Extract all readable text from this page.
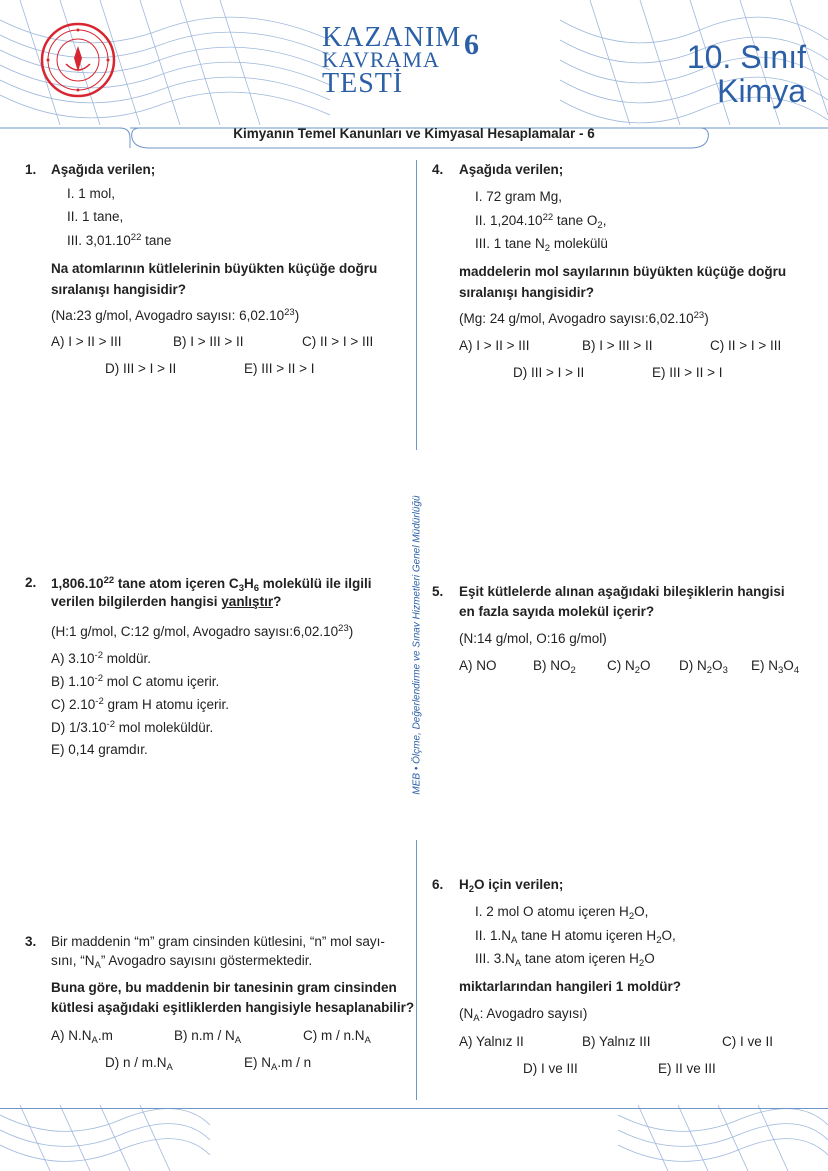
KAZANIM
KAVRAMA
TESTİ
6	10. Sınıf
Kimya
Kimyanın Temel Kanunları ve Kimyasal Hesaplamalar - 6
MEB • Ölçme, Değerlendirme ve Sınav Hizmetleri Genel Müdürlüğü
1. Aşağıda verilen;
I. 1 mol,
II. 1 tane,
III. 3,01.10$^{22}$ tane
Na atomlarının kütlelerinin büyükten küçüğe doğru
sıralanışı hangisidir?
(Na:23 g/mol, Avogadro sayısı: 6,02.10$^{23}$)
A) I > II > III	B) I > III > II	C) II > I > III
D) III > I > II	E) III > II > I
2. 1,806.10$^{22}$ tane atom içeren $C_3H_6$ molekülü ile ilgili
verilen bilgilerden hangisi yanlıştır?
(H:1 g/mol, C:12 g/mol, Avogadro sayısı:6,02.10$^{23}$)
A) $3.10^{-2}$ moldür.
B) $1.10^{-2}$ mol C atomu içerir.
C) $2.10^{-2}$ gram H atomu içerir.
D) $1/3.10^{-2}$ mol moleküldür.
E) 0,14 gramdır.
3. Bir maddenin “m” gram cinsinden kütlesini, “n” mol sayı-
sını, “$N_A$” Avogadro sayısını göstermektedir.
Buna göre, bu maddenin bir tanesinin gram cinsinden
kütlesi aşağıdaki eşitliklerden hangisiyle hesaplanabilir?
A) $N.N_A.m$	B) $n.m / N_A$	C) m / $n.N_A$
D) n / $m.N_A$	E) $N_A.m$ / n
4. Aşağıda verilen;
I. 72 gram Mg,
II. 1,204.10$^{22}$ tane $O_2$,
III. 1 tane $N_2$ molekülü
maddelerin mol sayılarının büyükten küçüğe doğru
sıralanışı hangisidir?
(Mg: 24 g/mol, Avogadro sayısı:6,02.10$^{23}$)
A) I > II > III	B) I > III > II	C) II > I > III
D) III > I > II	E) III > II > I
5. Eşit kütlelerde alınan aşağıdaki bileşiklerin hangisi
en fazla sayıda molekül içerir?
(N:14 g/mol, O:16 g/mol)
A) NO	B) $NO_2$ C) $N_2O$ D) $N_2O_3$ E) $N_3O_4$
6. $H_2O$ için verilen;
I. 2 mol O atomu içeren $H_2O$,
II. $1.N_A$ tane H atomu içeren $H_2O$,
III. $3.N_A$ tane atom içeren $H_2O$
miktarlarından hangileri 1 moldür?
($N_A$: Avogadro sayısı)
A) Yalnız II	B) Yalnız III	C) I ve II
D) I ve III	E) II ve III
